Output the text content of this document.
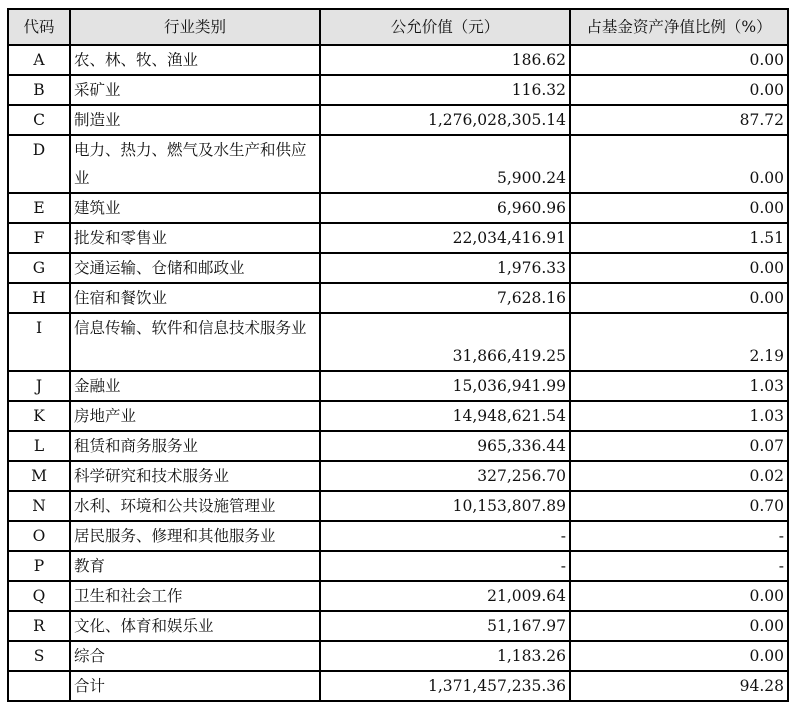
代码	行业类别	公允价值（元）	占基金资产净值比例（%）
A	农、林、牧、渔业	186.62	0.00
B	采矿业	116.32	0.00
C	制造业	1,276,028,305.14	87.72
D	电力、热力、燃气及水生产和供应业	5,900.24	0.00
E	建筑业	6,960.96	0.00
F	批发和零售业	22,034,416.91	1.51
G	交通运输、仓储和邮政业	1,976.33	0.00
H	住宿和餐饮业	7,628.16	0.00
I	信息传输、软件和信息技术服务业	31,866,419.25	2.19
J	金融业	15,036,941.99	1.03
K	房地产业	14,948,621.54	1.03
L	租赁和商务服务业	965,336.44	0.07
M	科学研究和技术服务业	327,256.70	0.02
N	水利、环境和公共设施管理业	10,153,807.89	0.70
O	居民服务、修理和其他服务业	-	-
P	教育	-	-
Q	卫生和社会工作	21,009.64	0.00
R	文化、体育和娱乐业	51,167.97	0.00
S	综合	1,183.26	0.00
	合计	1,371,457,235.36	94.28
